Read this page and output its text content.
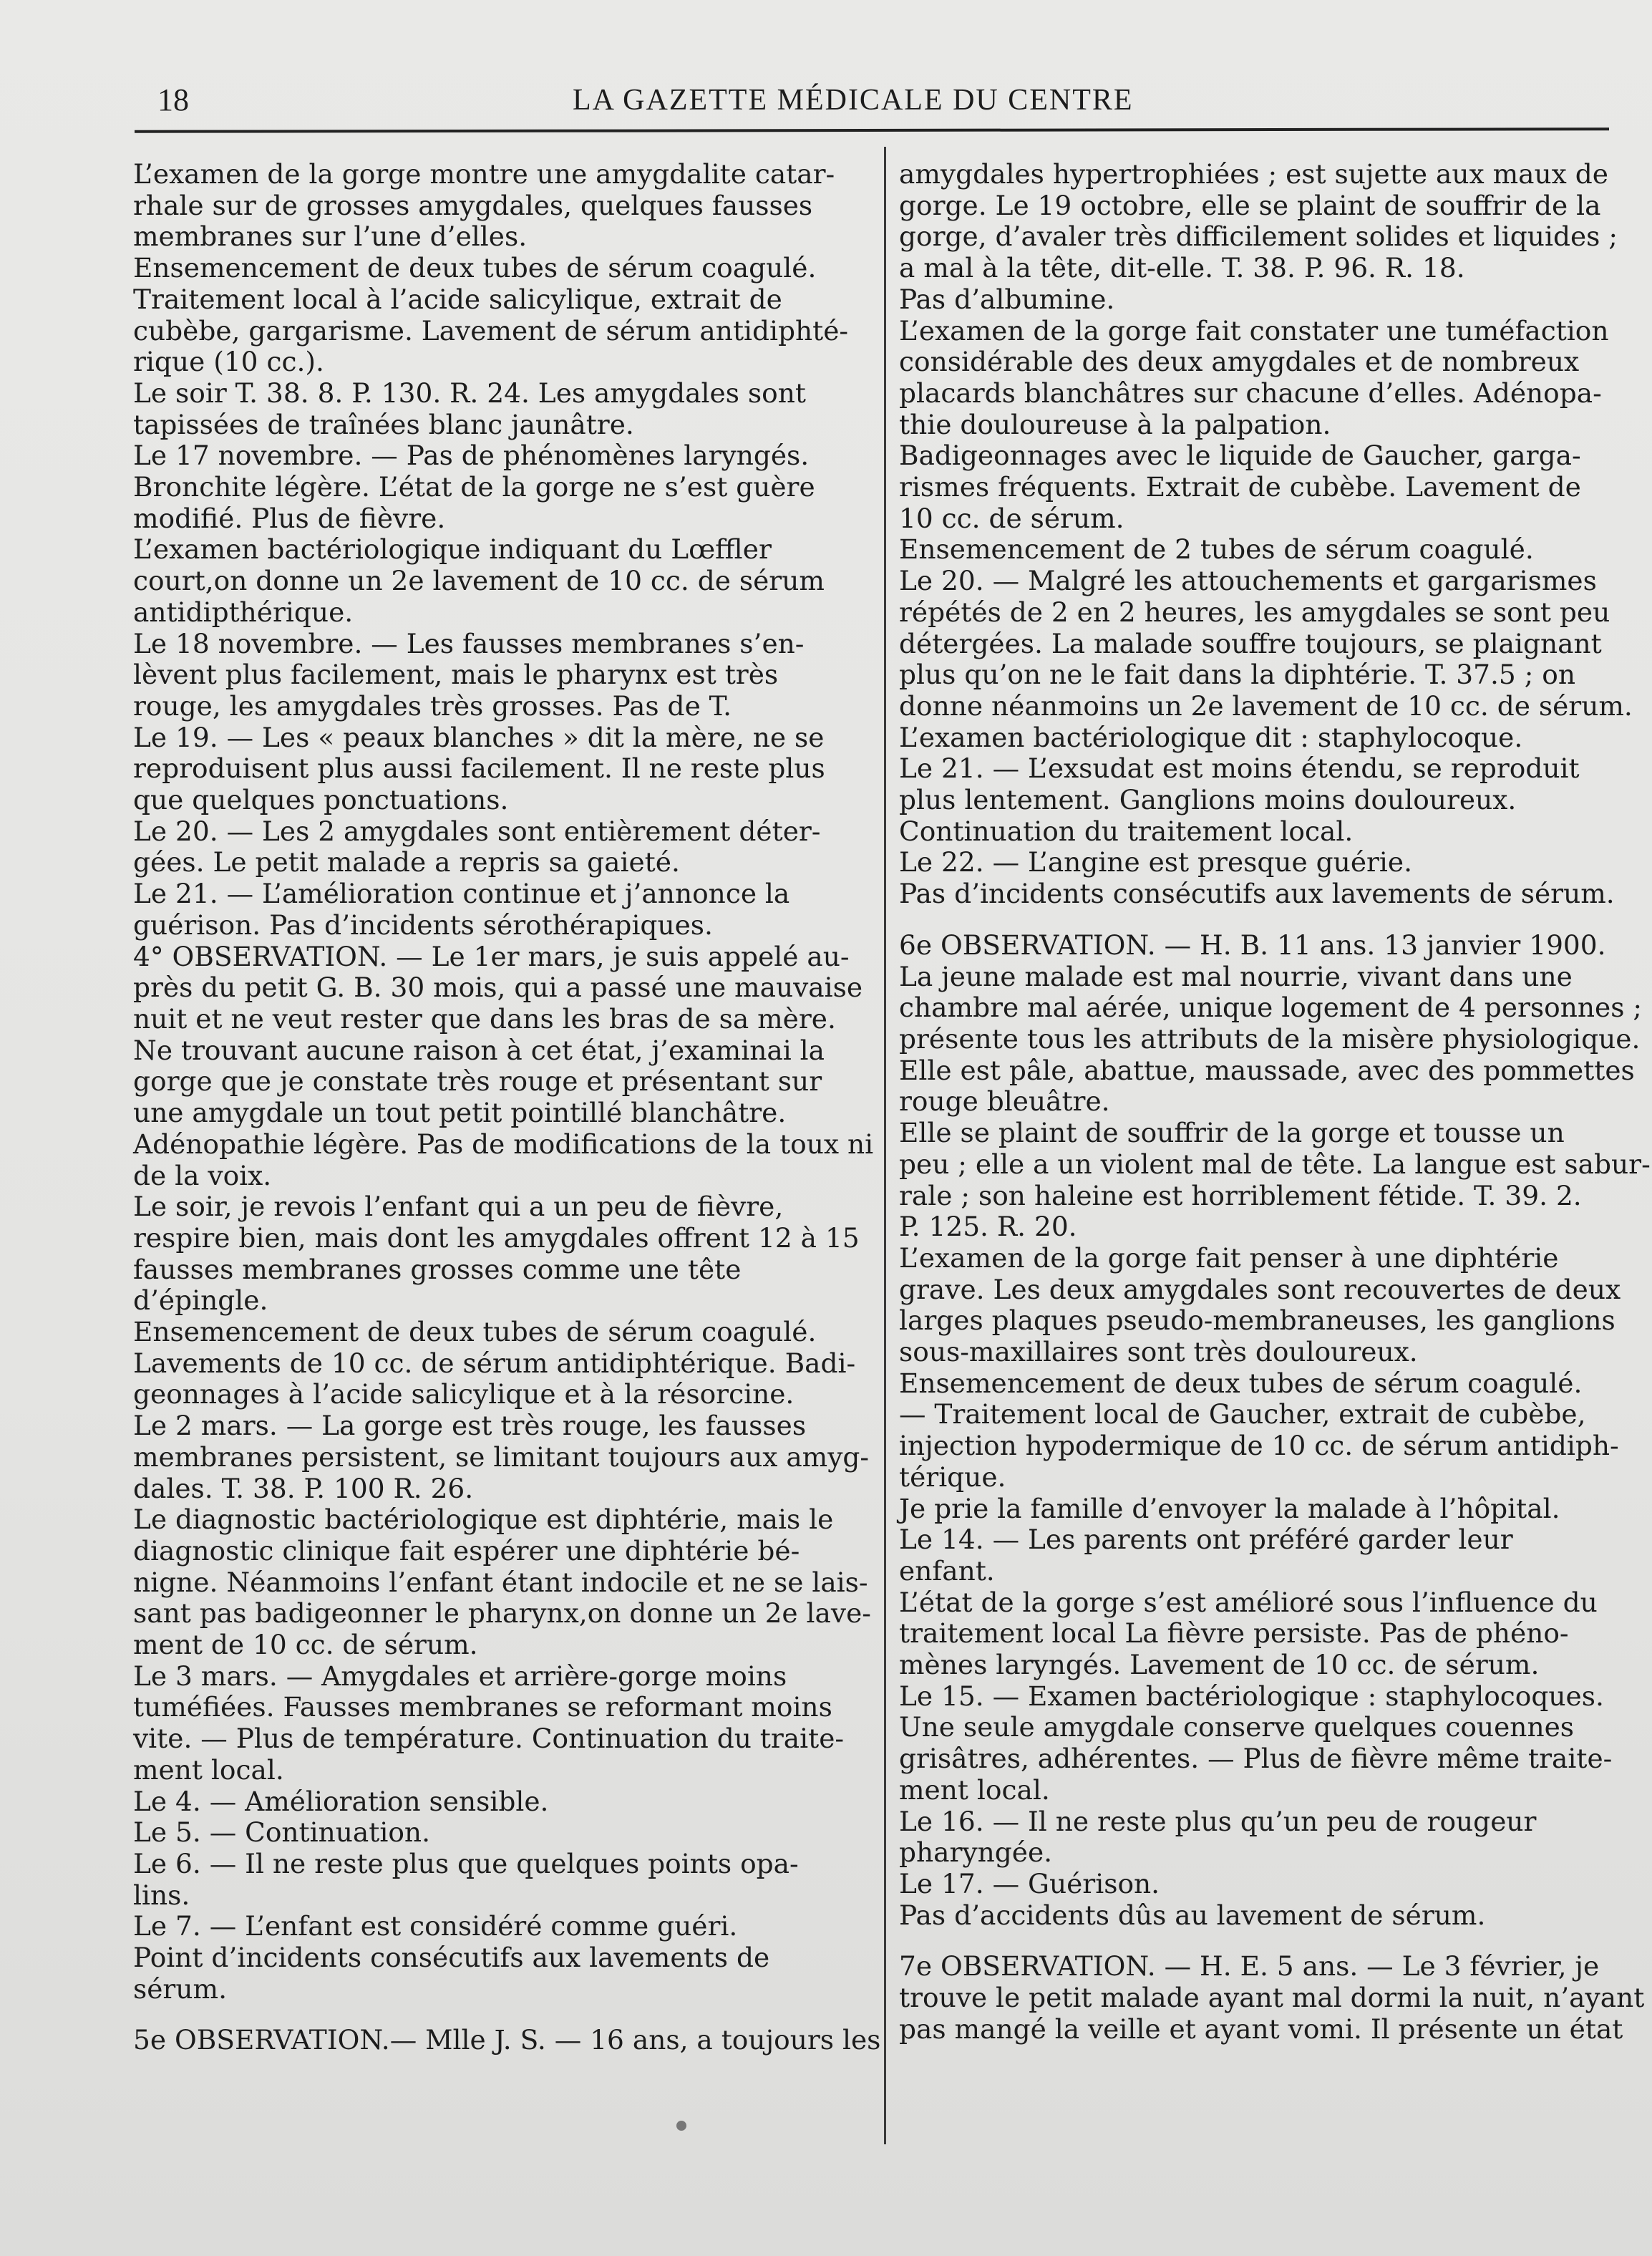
18	LA GAZETTE MÉDICALE DU CENTRE

L’examen de la gorge montre une amygdalite catar-

rhale sur de grosses amygdales, quelques fausses

membranes sur l’une d’elles.

Ensemencement de deux tubes de sérum coagulé.

Traitement local à l’acide salicylique, extrait de

cubèbe, gargarisme. Lavement de sérum antidiphté-

rique (10 cc.).

Le soir T. 38. 8. P. 130. R. 24. Les amygdales sont

tapissées de traînées blanc jaunâtre.

Le 17 novembre. — Pas de phénomènes laryngés.

Bronchite légère. L’état de la gorge ne s’est guère

modifié. Plus de fièvre.

L’examen bactériologique indiquant du Lœffler

court,on donne un 2e lavement de 10 cc. de sérum

antidipthérique.

Le 18 novembre. — Les fausses membranes s’en-

lèvent plus facilement, mais le pharynx est très

rouge, les amygdales très grosses. Pas de T.

Le 19. — Les « peaux blanches » dit la mère, ne se

reproduisent plus aussi facilement. Il ne reste plus

que quelques ponctuations.

Le 20. — Les 2 amygdales sont entièrement déter-

gées. Le petit malade a repris sa gaieté.

Le 21. — L’amélioration continue et j’annonce la

guérison. Pas d’incidents sérothérapiques.

4° OBSERVATION. — Le 1er mars, je suis appelé au-

près du petit G. B. 30 mois, qui a passé une mauvaise

nuit et ne veut rester que dans les bras de sa mère.

Ne trouvant aucune raison à cet état, j’examinai la

gorge que je constate très rouge et présentant sur

une amygdale un tout petit pointillé blanchâtre.

Adénopathie légère. Pas de modifications de la toux ni

de la voix.

Le soir, je revois l’enfant qui a un peu de fièvre,

respire bien, mais dont les amygdales offrent 12 à 15

fausses membranes grosses comme une tête

d’épingle.

Ensemencement de deux tubes de sérum coagulé.

Lavements de 10 cc. de sérum antidiphtérique. Badi-

geonnages à l’acide salicylique et à la résorcine.

Le 2 mars. — La gorge est très rouge, les fausses

membranes persistent, se limitant toujours aux amyg-

dales. T. 38. P. 100 R. 26.

Le diagnostic bactériologique est diphtérie, mais le

diagnostic clinique fait espérer une diphtérie bé-

nigne. Néanmoins l’enfant étant indocile et ne se lais-

sant pas badigeonner le pharynx,on donne un 2e lave-

ment de 10 cc. de sérum.

Le 3 mars. — Amygdales et arrière-gorge moins

tuméfiées. Fausses membranes se reformant moins

vite. — Plus de température. Continuation du traite-

ment local.

Le 4. — Amélioration sensible.

Le 5. — Continuation.

Le 6. — Il ne reste plus que quelques points opa-

lins.

Le 7. — L’enfant est considéré comme guéri.

Point d’incidents consécutifs aux lavements de

sérum.

5e OBSERVATION.— Mlle J. S. — 16 ans, a toujours les

amygdales hypertrophiées ; est sujette aux maux de

gorge. Le 19 octobre, elle se plaint de souffrir de la

gorge, d’avaler très difficilement solides et liquides ;

a mal à la tête, dit-elle. T. 38. P. 96. R. 18.

Pas d’albumine.

L’examen de la gorge fait constater une tuméfaction

considérable des deux amygdales et de nombreux

placards blanchâtres sur chacune d’elles. Adénopa-

thie douloureuse à la palpation.

Badigeonnages avec le liquide de Gaucher, garga-

rismes fréquents. Extrait de cubèbe. Lavement de

10 cc. de sérum.

Ensemencement de 2 tubes de sérum coagulé.

Le 20. — Malgré les attouchements et gargarismes

répétés de 2 en 2 heures, les amygdales se sont peu

détergées. La malade souffre toujours, se plaignant

plus qu’on ne le fait dans la diphtérie. T. 37.5 ; on

donne néanmoins un 2e lavement de 10 cc. de sérum.

L’examen bactériologique dit : staphylocoque.

Le 21. — L’exsudat est moins étendu, se reproduit

plus lentement. Ganglions moins douloureux.

Continuation du traitement local.

Le 22. — L’angine est presque guérie.

Pas d’incidents consécutifs aux lavements de sérum.

6e OBSERVATION. — H. B. 11 ans. 13 janvier 1900.

La jeune malade est mal nourrie, vivant dans une

chambre mal aérée, unique logement de 4 personnes ;

présente tous les attributs de la misère physiologique.

Elle est pâle, abattue, maussade, avec des pommettes

rouge bleuâtre.

Elle se plaint de souffrir de la gorge et tousse un

peu ; elle a un violent mal de tête. La langue est sabur-

rale ; son haleine est horriblement fétide. T. 39. 2.

P. 125. R. 20.

L’examen de la gorge fait penser à une diphtérie

grave. Les deux amygdales sont recouvertes de deux

larges plaques pseudo-membraneuses, les ganglions

sous-maxillaires sont très douloureux.

Ensemencement de deux tubes de sérum coagulé.

— Traitement local de Gaucher, extrait de cubèbe,

injection hypodermique de 10 cc. de sérum antidiph-

térique.

Je prie la famille d’envoyer la malade à l’hôpital.

Le 14. — Les parents ont préféré garder leur

enfant.

L’état de la gorge s’est amélioré sous l’influence du

traitement local La fièvre persiste. Pas de phéno-

mènes laryngés. Lavement de 10 cc. de sérum.

Le 15. — Examen bactériologique : staphylocoques.

Une seule amygdale conserve quelques couennes

grisâtres, adhérentes. — Plus de fièvre même traite-

ment local.

Le 16. — Il ne reste plus qu’un peu de rougeur

pharyngée.

Le 17. — Guérison.

Pas d’accidents dûs au lavement de sérum.

7e OBSERVATION. — H. E. 5 ans. — Le 3 février, je

trouve le petit malade ayant mal dormi la nuit, n’ayant

pas mangé la veille et ayant vomi. Il présente un état
